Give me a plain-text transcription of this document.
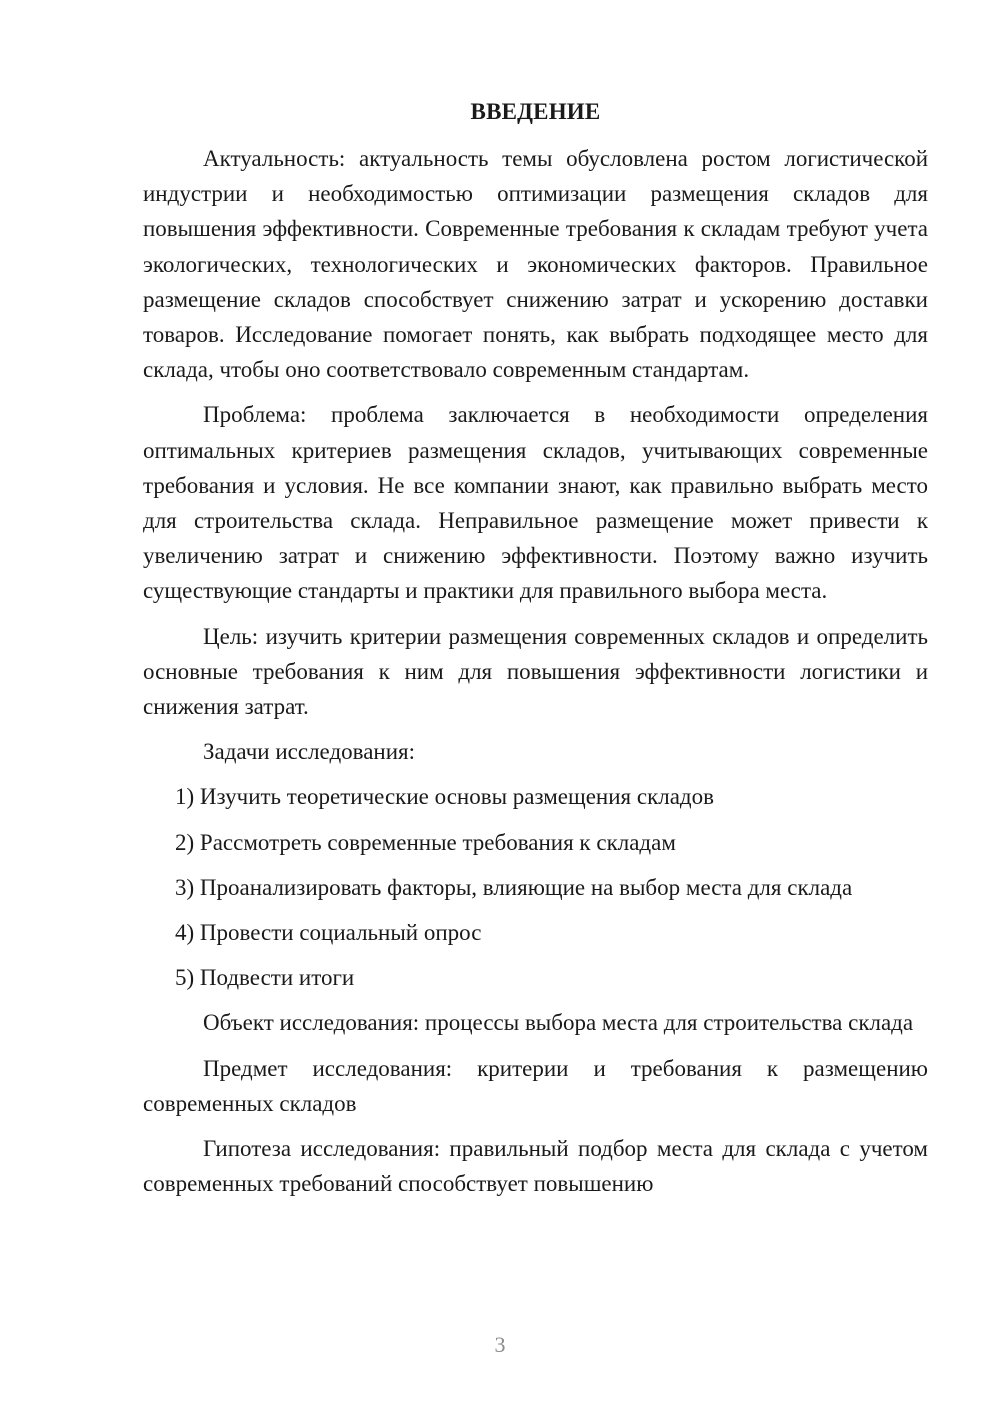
ВВЕДЕНИЕ

Актуальность: актуальность темы обусловлена ростом логистической индустрии и необходимостью оптимизации размещения складов для повышения эффективности. Современные требования к складам требуют учета экологических, технологических и экономических факторов. Правильное размещение складов способствует снижению затрат и ускорению доставки товаров. Исследование помогает понять, как выбрать подходящее место для склада, чтобы оно соответствовало современным стандартам.

Проблема: проблема заключается в необходимости определения оптимальных критериев размещения складов, учитывающих современные требования и условия. Не все компании знают, как правильно выбрать место для строительства склада. Неправильное размещение может привести к увеличению затрат и снижению эффективности. Поэтому важно изучить существующие стандарты и практики для правильного выбора места.

Цель: изучить критерии размещения современных складов и определить основные требования к ним для повышения эффективности логистики и снижения затрат.

Задачи исследования:

1) Изучить теоретические основы размещения складов
2) Рассмотреть современные требования к складам
3) Проанализировать факторы, влияющие на выбор места для склада
4) Провести социальный опрос
5) Подвести итоги

Объект исследования: процессы выбора места для строительства склада

Предмет исследования: критерии и требования к размещению современных складов

Гипотеза исследования: правильный подбор места для склада с учетом современных требований способствует повышению

3
